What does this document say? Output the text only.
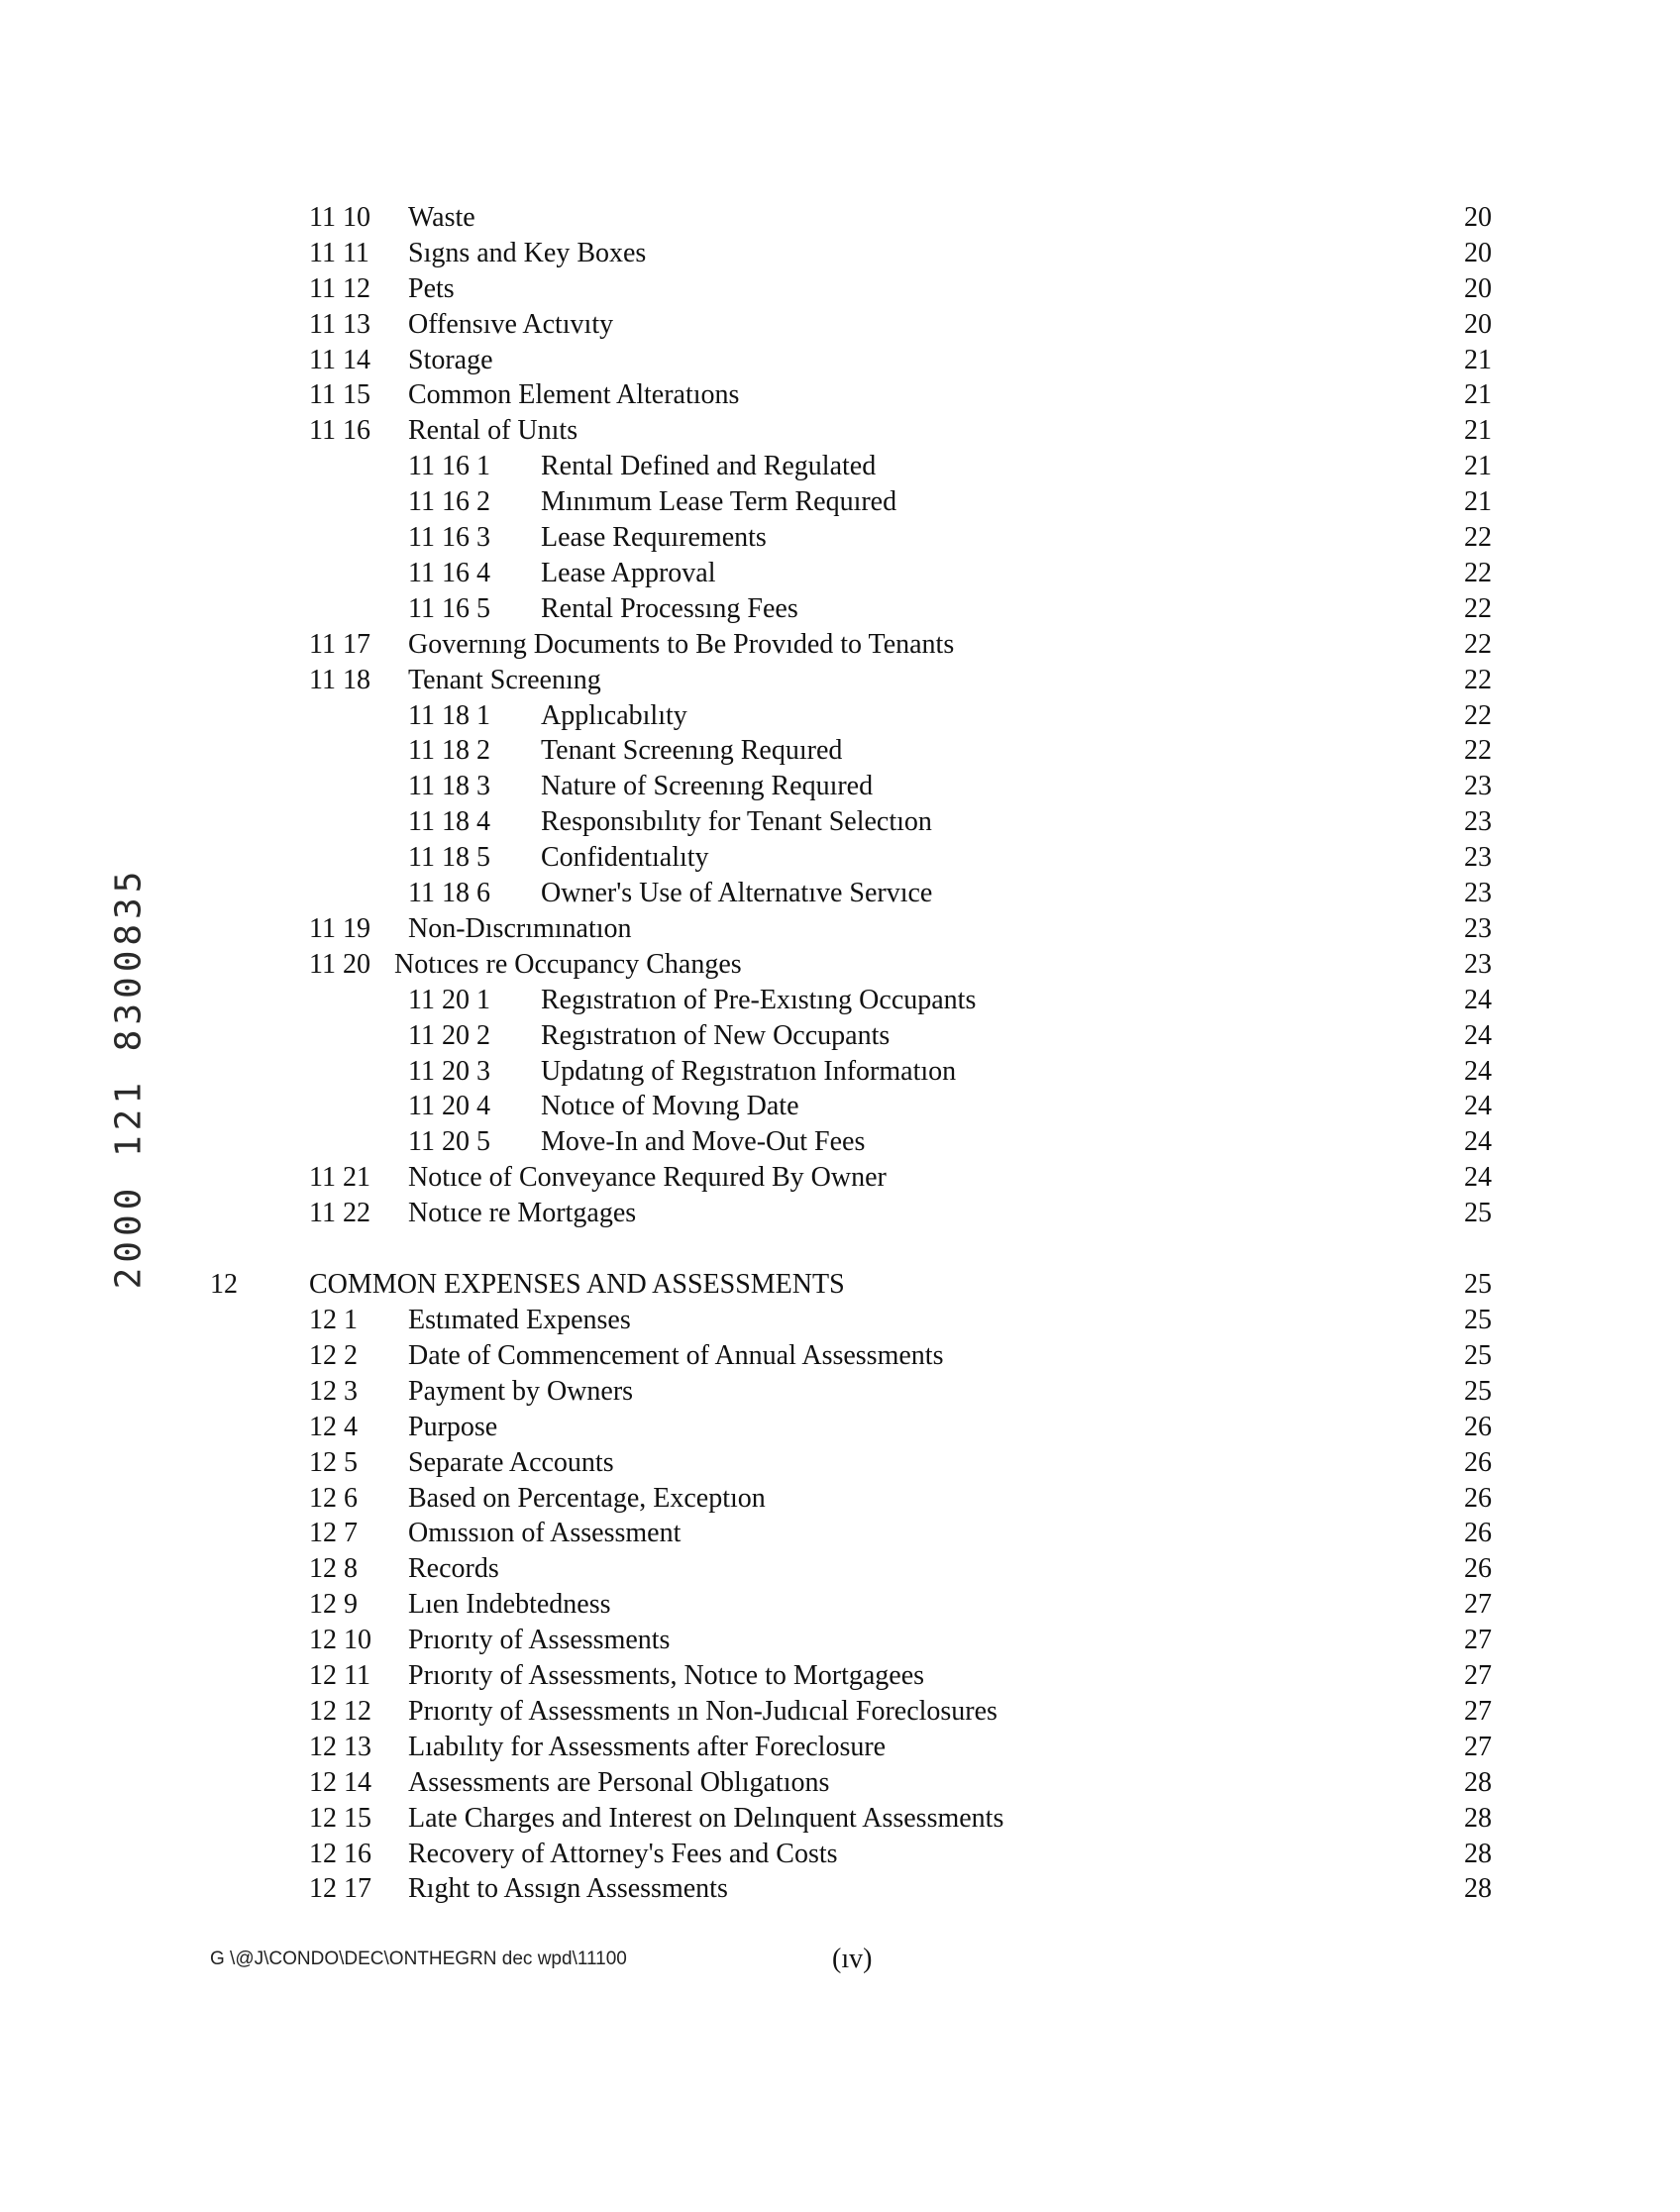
2000 121 8300835
11 10 Waste	20
11 11 Sıgns and Key Boxes	20
11 12 Pets	20
11 13 Offensıve Actıvıty	20
11 14 Storage	21
11 15 Common Element Alteratıons	21
11 16 Rental of Unıts	21
11 16 1 Rental Defined and Regulated	21
11 16 2 Mınımum Lease Term Requıred	21
11 16 3 Lease Requırements	22
11 16 4 Lease Approval	22
11 16 5 Rental Processıng Fees	22
11 17 Governıng Documents to Be Provıded to Tenants	22
11 18 Tenant Screenıng	22
11 18 1 Applıcabılıty	22
11 18 2 Tenant Screenıng Requıred	22
11 18 3 Nature of Screenıng Requıred	23
11 18 4 Responsıbılıty for Tenant Selectıon	23
11 18 5 Confidentıalıty	23
11 18 6 Owner's Use of Alternatıve Servıce	23
11 19 Non-Dıscrımınatıon	23
11 20 Notıces re Occupancy Changes	23
11 20 1 Regıstratıon of Pre-Exıstıng Occupants	24
11 20 2 Regıstratıon of New Occupants	24
11 20 3 Updatıng of Regıstratıon Informatıon	24
11 20 4 Notıce of Movıng Date	24
11 20 5 Move-In and Move-Out Fees	24
11 21 Notıce of Conveyance Requıred By Owner	24
11 22 Notıce re Mortgages	25
12	COMMON EXPENSES AND ASSESSMENTS	25
12 1 Estımated Expenses	25
12 2 Date of Commencement of Annual Assessments	25
12 3 Payment by Owners	25
12 4 Purpose	26
12 5 Separate Accounts	26
12 6 Based on Percentage, Exceptıon	26
12 7 Omıssıon of Assessment	26
12 8 Records	26
12 9 Lıen Indebtedness	27
12 10 Prıorıty of Assessments	27
12 11 Prıorıty of Assessments, Notıce to Mortgagees	27
12 12 Prıorıty of Assessments ın Non-Judıcıal Foreclosures	27
12 13 Lıabılıty for Assessments after Foreclosure	27
12 14 Assessments are Personal Oblıgatıons	28
12 15 Late Charges and Interest on Delınquent Assessments	28
12 16 Recovery of Attorney's Fees and Costs	28
12 17 Rıght to Assıgn Assessments	28
G \@J\CONDO\DEC\ONTHEGRN dec wpd\11100	(ıv)
